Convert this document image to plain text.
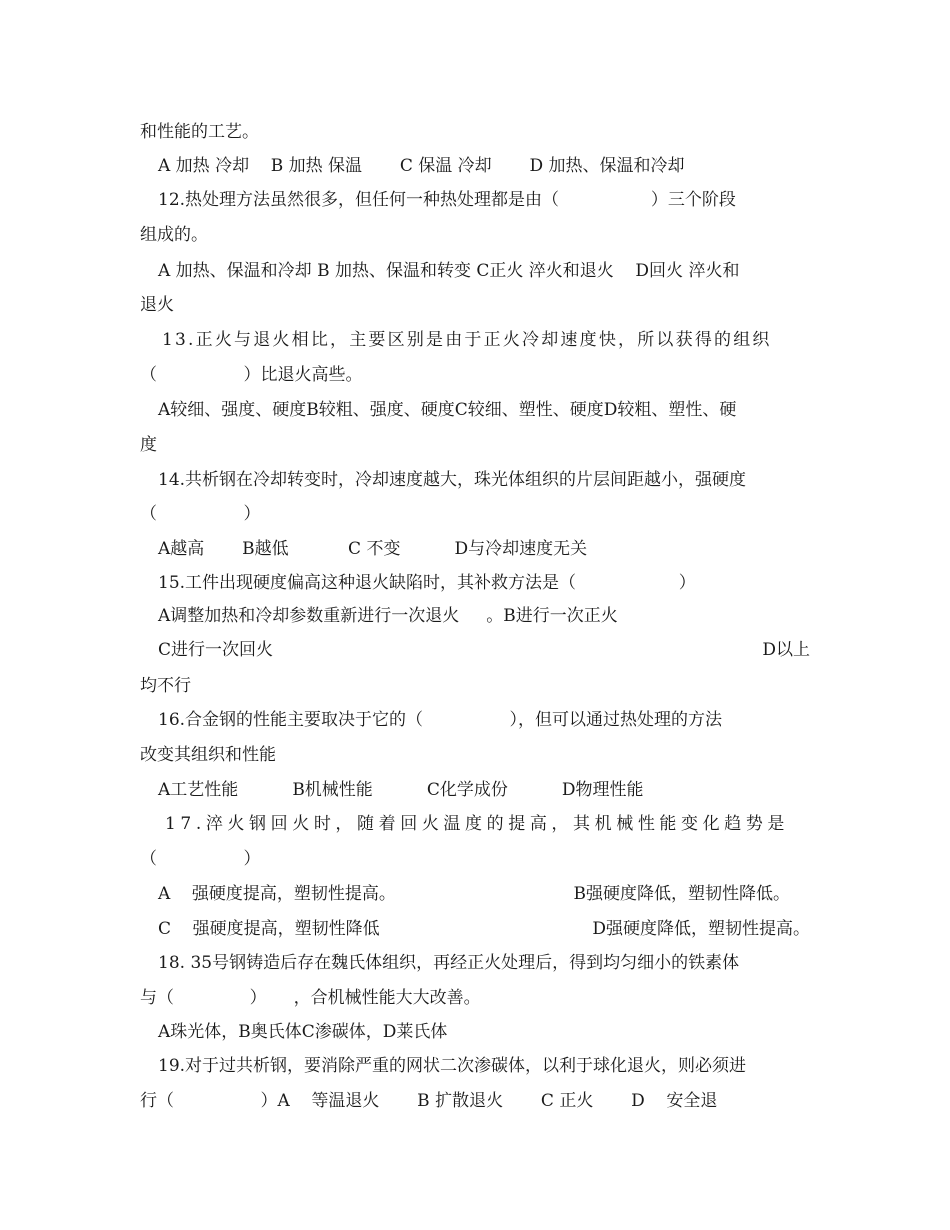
和性能的工艺。

A 加热 冷却    B 加热 保温       C 保温 冷却       D 加热、保温和冷却

12.热处理方法虽然很多，但任何一种热处理都是由（                 ）三个阶段

组成的。

A 加热、保温和冷却 B 加热、保温和转变 C正火 淬火和退火    D回火 淬火和

退火

13.正火与退火相比，主要区别是由于正火冷却速度快，所以获得的组织

（                ）比退火高些。

A较细、强度、硬度B较粗、强度、硬度C较细、塑性、硬度D较粗、塑性、硬

度

14.共析钢在冷却转变时，冷却速度越大，珠光体组织的片层间距越小，强硬度

（                ）

A越高       B越低           C 不变          D与冷却速度无关

15.工件出现硬度偏高这种退火缺陷时，其补救方法是（                   ）

A调整加热和冷却参数重新进行一次退火     。B进行一次正火

C进行一次回火	D以上

均不行

16.合金钢的性能主要取决于它的（                ），但可以通过热处理的方法

改变其组织和性能

A工艺性能          B机械性能          C化学成份          D物理性能

17.淬火钢回火时，随着回火温度的提高，其机械性能变化趋势是

（                ）

A    强硬度提高，塑韧性提高。	B强硬度降低，塑韧性降低。
C    强硬度提高，塑韧性降低	D强硬度降低，塑韧性提高。

18. 35号钢铸造后存在魏氏体组织，再经正火处理后，得到均匀细小的铁素体

与（              ）     ，合机械性能大大改善。

A珠光体，B奥氏体C渗碳体，D莱氏体

19.对于过共析钢，要消除严重的网状二次渗碳体，以利于球化退火，则必须进

行（                ）A    等温退火       B 扩散退火       C 正火       D    安全退
